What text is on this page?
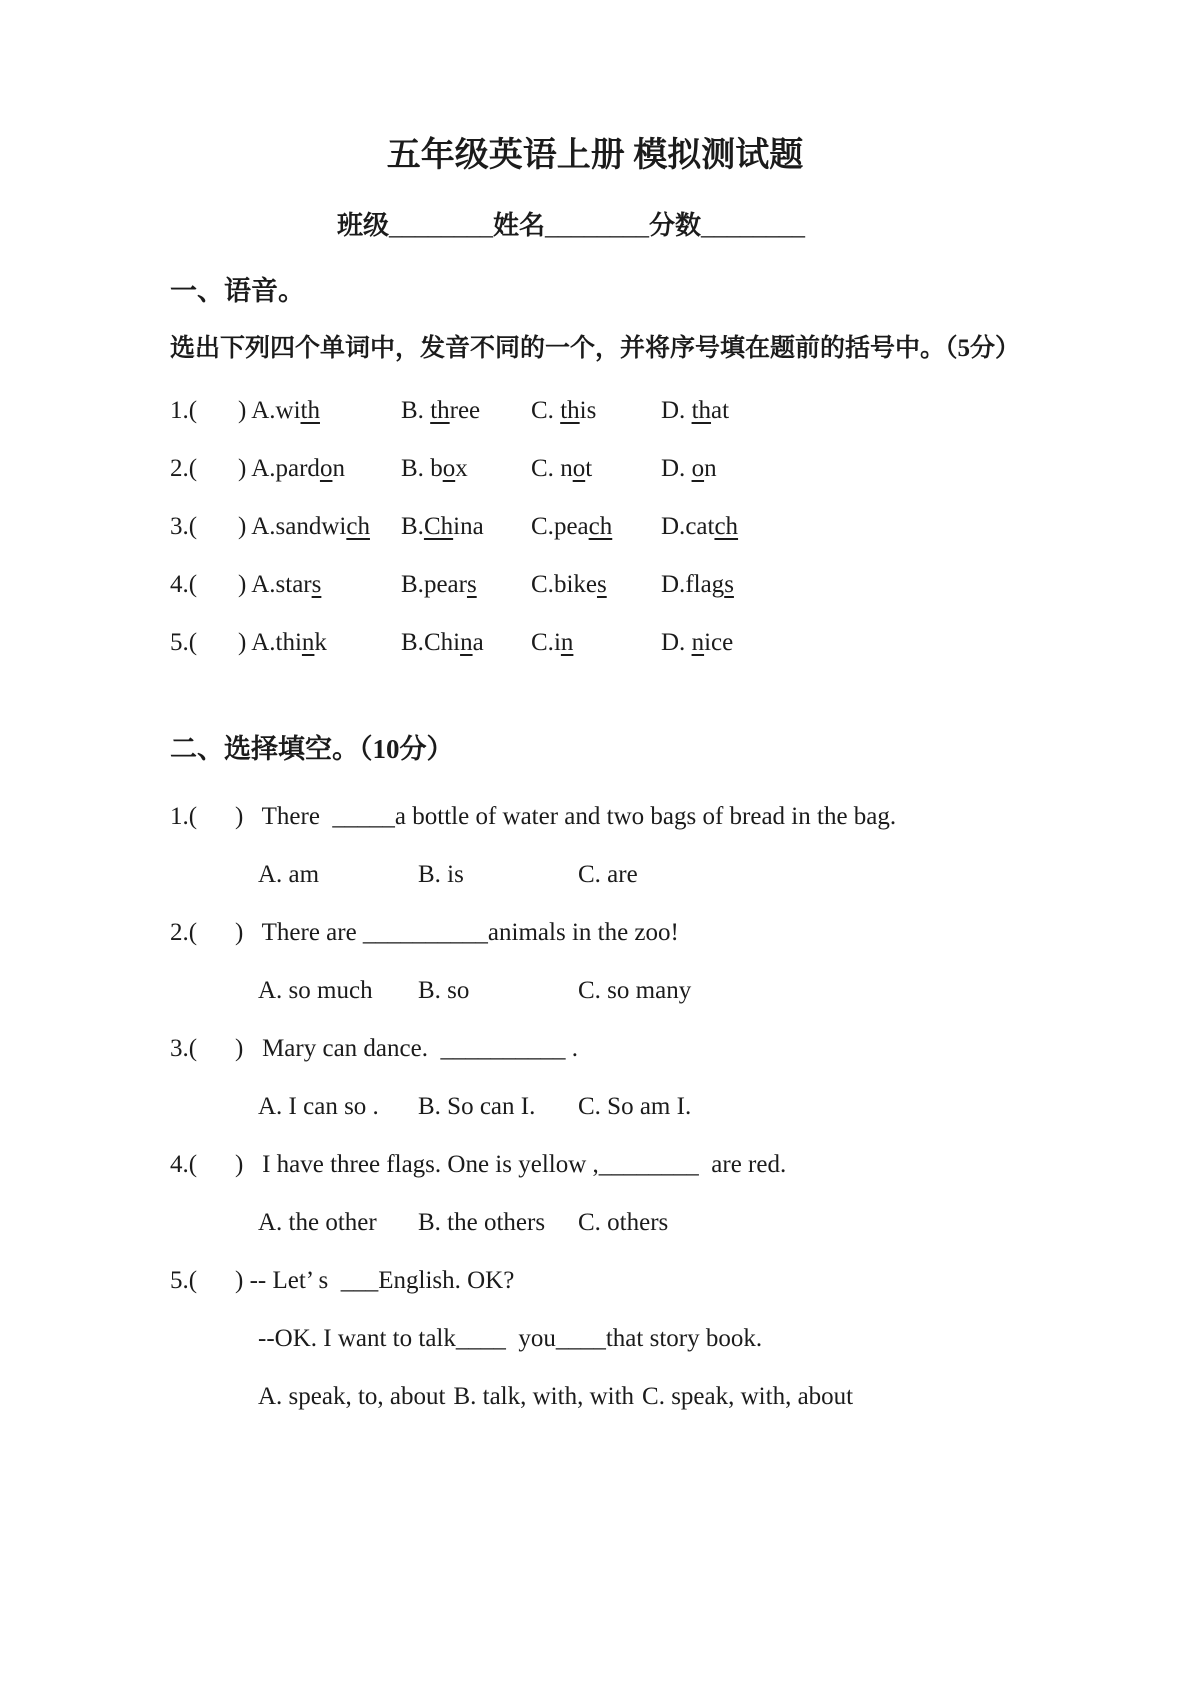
五年级英语上册 模拟测试题
班级________姓名________分数________
一、语音。
选出下列四个单词中，发音不同的一个，并将序号填在题前的括号中。（5分）
1.(	) A.with	B. three	C. this	D. that
2.(	) A.pardon	B. box	C. not	D. on
3.(	) A.sandwich	B.China	C.peach	D.catch
4.(	) A.stars	B.pears	C.bikes	D.flags
5.(	) A.think	B.China	C.in	D. nice
二、选择填空。（10分）
1.(	) There  _____a bottle of water and two bags of bread in the bag.
A. am	B. is	C. are
2.(	) There are __________animals in the zoo!
A. so much	B. so	C. so many
3.(	) Mary can dance.  __________ .
A. I can so .	B. So can I.	C. So am I.
4.(	) I have three flags. One is yellow ,________  are red.
A. the other	B. the others	C. others
5.(	) -- Let’ s  ___English. OK?
--OK. I want to talk____  you____that story book.
A. speak, to, about B. talk, with, with C. speak, with, about
